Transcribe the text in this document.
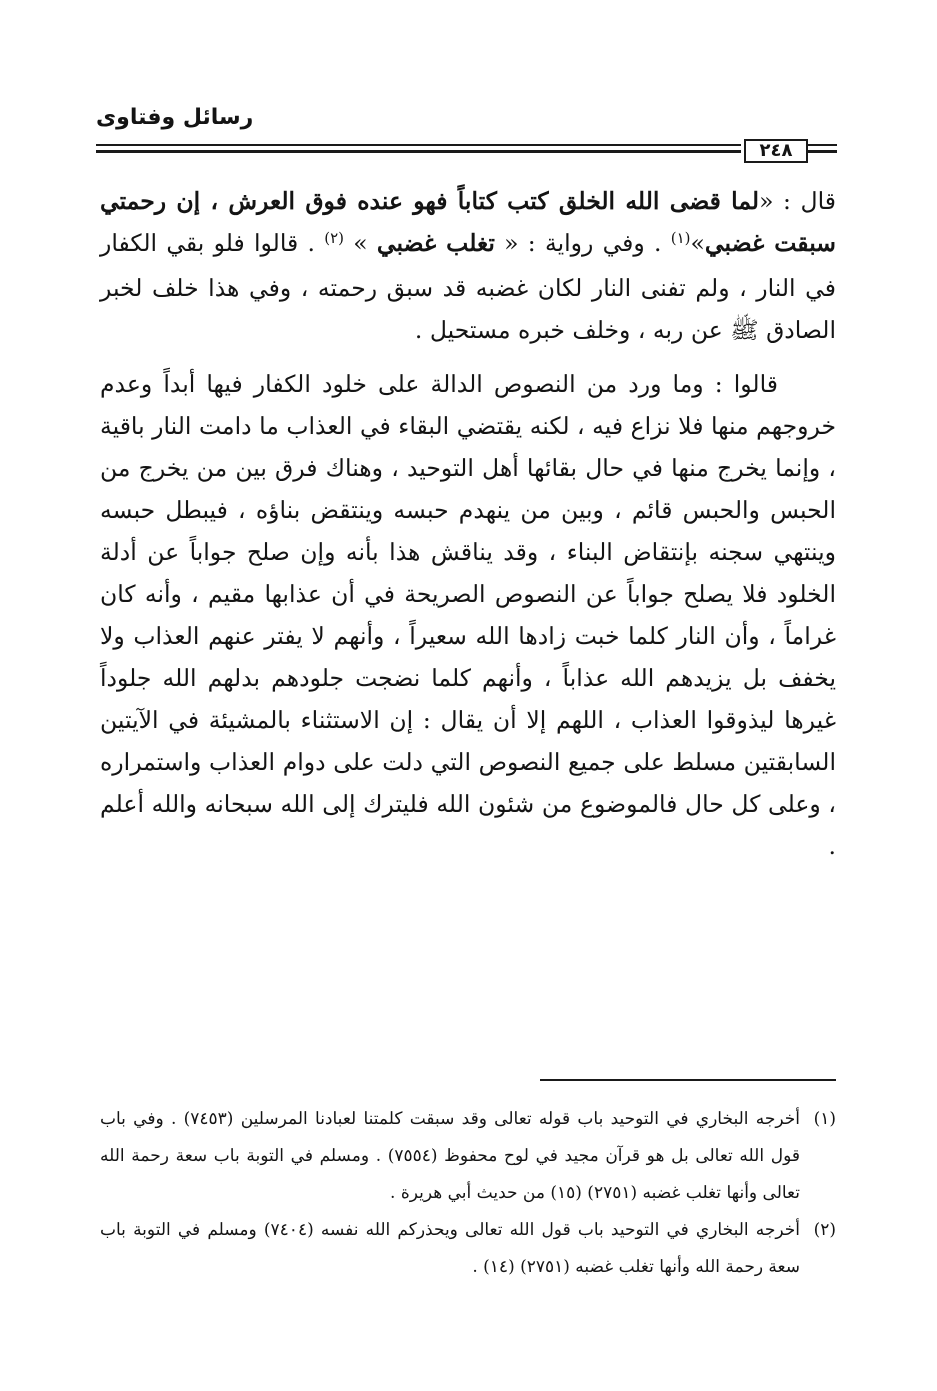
رسائل وفتاوى
٢٤٨

قال : «لما قضى الله الخلق كتب كتاباً فهو عنده فوق العرش ، إن رحمتي سبقت غضبي»$^{(١)}$ . وفي رواية : « تغلب غضبي » $^{(٢)}$ . قالوا فلو بقي الكفار في النار ، ولم تفنى النار لكان غضبه قد سبق رحمته ، وفي هذا خلف لخبر الصادق ﷺ عن ربه ، وخلف خبره مستحيل .

قالوا : وما ورد من النصوص الدالة على خلود الكفار فيها أبداً وعدم خروجهم منها فلا نزاع فيه ، لكنه يقتضي البقاء في العذاب ما دامت النار باقية ، وإنما يخرج منها في حال بقائها أهل التوحيد ، وهناك فرق بين من يخرج من الحبس والحبس قائم ، وبين من ينهدم حبسه وينتقض بناؤه ، فيبطل حبسه وينتهي سجنه بإنتقاض البناء ، وقد يناقش هذا بأنه وإن صلح جواباً عن أدلة الخلود فلا يصلح جواباً عن النصوص الصريحة في أن عذابها مقيم ، وأنه كان غراماً ، وأن النار كلما خبت زادها الله سعيراً ، وأنهم لا يفتر عنهم العذاب ولا يخفف بل يزيدهم الله عذاباً ، وأنهم كلما نضجت جلودهم بدلهم الله جلوداً غيرها ليذوقوا العذاب ، اللهم إلا أن يقال : إن الاستثناء بالمشيئة في الآيتين السابقتين مسلط على جميع النصوص التي دلت على دوام العذاب واستمراره ، وعلى كل حال فالموضوع من شئون الله فليترك إلى الله سبحانه والله أعلم .

(١)
أخرجه البخاري في التوحيد باب قوله تعالى وقد سبقت كلمتنا لعبادنا المرسلين (٧٤٥٣) . وفي باب قول الله تعالى بل هو قرآن مجيد في لوح محفوظ (٧٥٥٤) . ومسلم في التوبة باب سعة رحمة الله تعالى وأنها تغلب غضبه (٢٧٥١) (١٥) من حديث أبي هريرة .
(٢)
أخرجه البخاري في التوحيد باب قول الله تعالى ويحذركم الله نفسه (٧٤٠٤) ومسلم في التوبة باب سعة رحمة الله وأنها تغلب غضبه (٢٧٥١) (١٤) .
